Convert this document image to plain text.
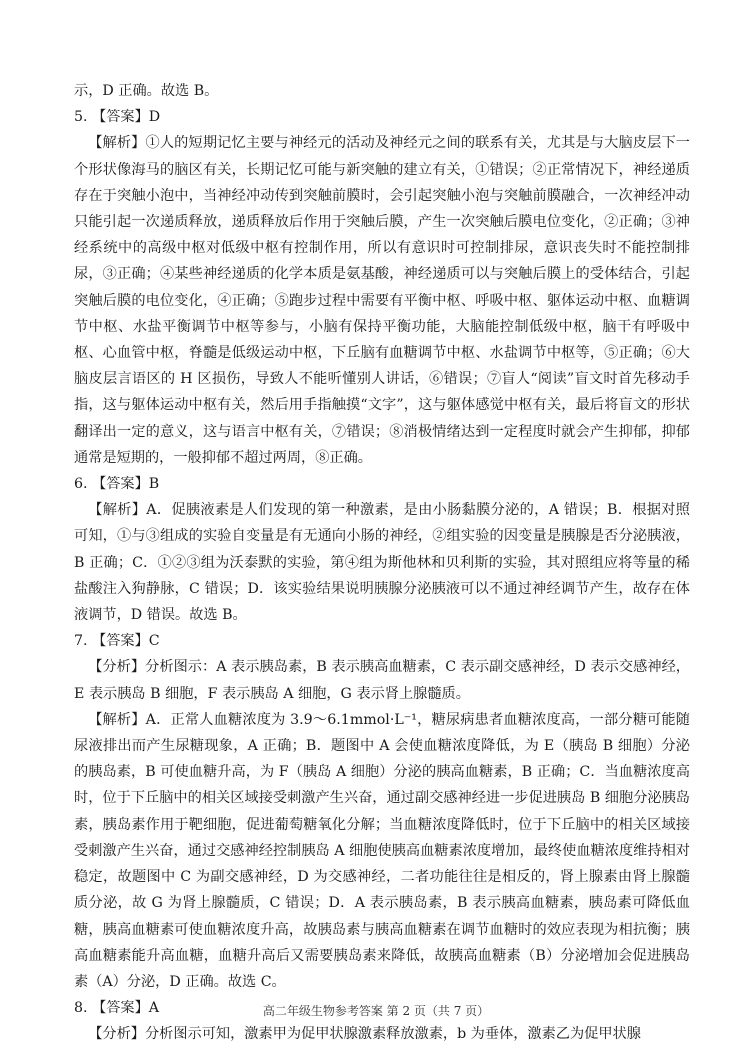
示，D 正确。故选 B。

5. 【答案】D

【解析】①人的短期记忆主要与神经元的活动及神经元之间的联系有关，尤其是与大脑皮层下一个形状像海马的脑区有关，长期记忆可能与新突触的建立有关，①错误；②正常情况下，神经递质存在于突触小泡中，当神经冲动传到突触前膜时，会引起突触小泡与突触前膜融合，一次神经冲动只能引起一次递质释放，递质释放后作用于突触后膜，产生一次突触后膜电位变化，②正确；③神经系统中的高级中枢对低级中枢有控制作用，所以有意识时可控制排尿，意识丧失时不能控制排尿，③正确；④某些神经递质的化学本质是氨基酸，神经递质可以与突触后膜上的受体结合，引起突触后膜的电位变化，④正确；⑤跑步过程中需要有平衡中枢、呼吸中枢、躯体运动中枢、血糖调节中枢、水盐平衡调节中枢等参与，小脑有保持平衡功能，大脑能控制低级中枢，脑干有呼吸中枢、心血管中枢，脊髓是低级运动中枢，下丘脑有血糖调节中枢、水盐调节中枢等，⑤正确；⑥大脑皮层言语区的 H 区损伤，导致人不能听懂别人讲话，⑥错误；⑦盲人“阅读”盲文时首先移动手指，这与躯体运动中枢有关，然后用手指触摸“文字”，这与躯体感觉中枢有关，最后将盲文的形状翻译出一定的意义，这与语言中枢有关，⑦错误；⑧消极情绪达到一定程度时就会产生抑郁，抑郁通常是短期的，一般抑郁不超过两周，⑧正确。

6. 【答案】B

【解析】A．促胰液素是人们发现的第一种激素，是由小肠黏膜分泌的，A 错误；B．根据对照可知，①与③组成的实验自变量是有无通向小肠的神经，②组实验的因变量是胰腺是否分泌胰液，B 正确；C．①②③组为沃泰默的实验，第④组为斯他林和贝利斯的实验，其对照组应将等量的稀盐酸注入狗静脉，C 错误；D．该实验结果说明胰腺分泌胰液可以不通过神经调节产生，故存在体液调节，D 错误。故选 B。

7. 【答案】C

【分析】分析图示：A 表示胰岛素，B 表示胰高血糖素，C 表示副交感神经，D 表示交感神经，E 表示胰岛 B 细胞，F 表示胰岛 A 细胞，G 表示肾上腺髓质。

【解析】A．正常人血糖浓度为 3.9～6.1mmol·L⁻¹，糖尿病患者血糖浓度高，一部分糖可能随尿液排出而产生尿糖现象，A 正确；B．题图中 A 会使血糖浓度降低，为 E（胰岛 B 细胞）分泌的胰岛素，B 可使血糖升高，为 F（胰岛 A 细胞）分泌的胰高血糖素，B 正确；C．当血糖浓度高时，位于下丘脑中的相关区域接受刺激产生兴奋，通过副交感神经进一步促进胰岛 B 细胞分泌胰岛素，胰岛素作用于靶细胞，促进葡萄糖氧化分解；当血糖浓度降低时，位于下丘脑中的相关区域接受刺激产生兴奋，通过交感神经控制胰岛 A 细胞使胰高血糖素浓度增加，最终使血糖浓度维持相对稳定，故题图中 C 为副交感神经，D 为交感神经，二者功能往往是相反的，肾上腺素由肾上腺髓质分泌，故 G 为肾上腺髓质，C 错误；D．A 表示胰岛素，B 表示胰高血糖素，胰岛素可降低血糖，胰高血糖素可使血糖浓度升高，故胰岛素与胰高血糖素在调节血糖时的效应表现为相抗衡；胰高血糖素能升高血糖，血糖升高后又需要胰岛素来降低，故胰高血糖素（B）分泌增加会促进胰岛素（A）分泌，D 正确。故选 C。

8. 【答案】A

【分析】分析图示可知，激素甲为促甲状腺激素释放激素，b 为垂体，激素乙为促甲状腺

高二年级生物参考答案 第 2 页（共 7 页）
